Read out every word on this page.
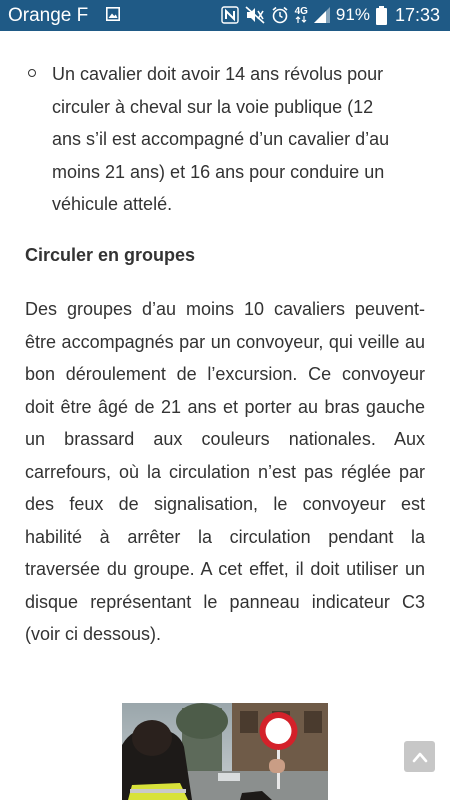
Orange F	4G 91% 17:33
Un cavalier doit avoir 14 ans révolus pour circuler à cheval sur la voie publique (12 ans s’il est accompagné d’un cavalier d’au moins 21 ans) et 16 ans pour conduire un véhicule attelé.
Circuler en groupes

Des groupes d’au moins 10 cavaliers peuvent-être accompagnés par un convoyeur, qui veille au bon déroulement de l’excursion. Ce convoyeur doit être âgé de 21 ans et porter au bras gauche un brassard aux couleurs nationales. Aux carrefours, où la circulation n’est pas réglée par des feux de signalisation, le convoyeur est habilité à arrêter la circulation pendant la traversée du groupe. A cet effet, il doit utiliser un disque représentant le panneau indicateur C3 (voir ci dessous).
